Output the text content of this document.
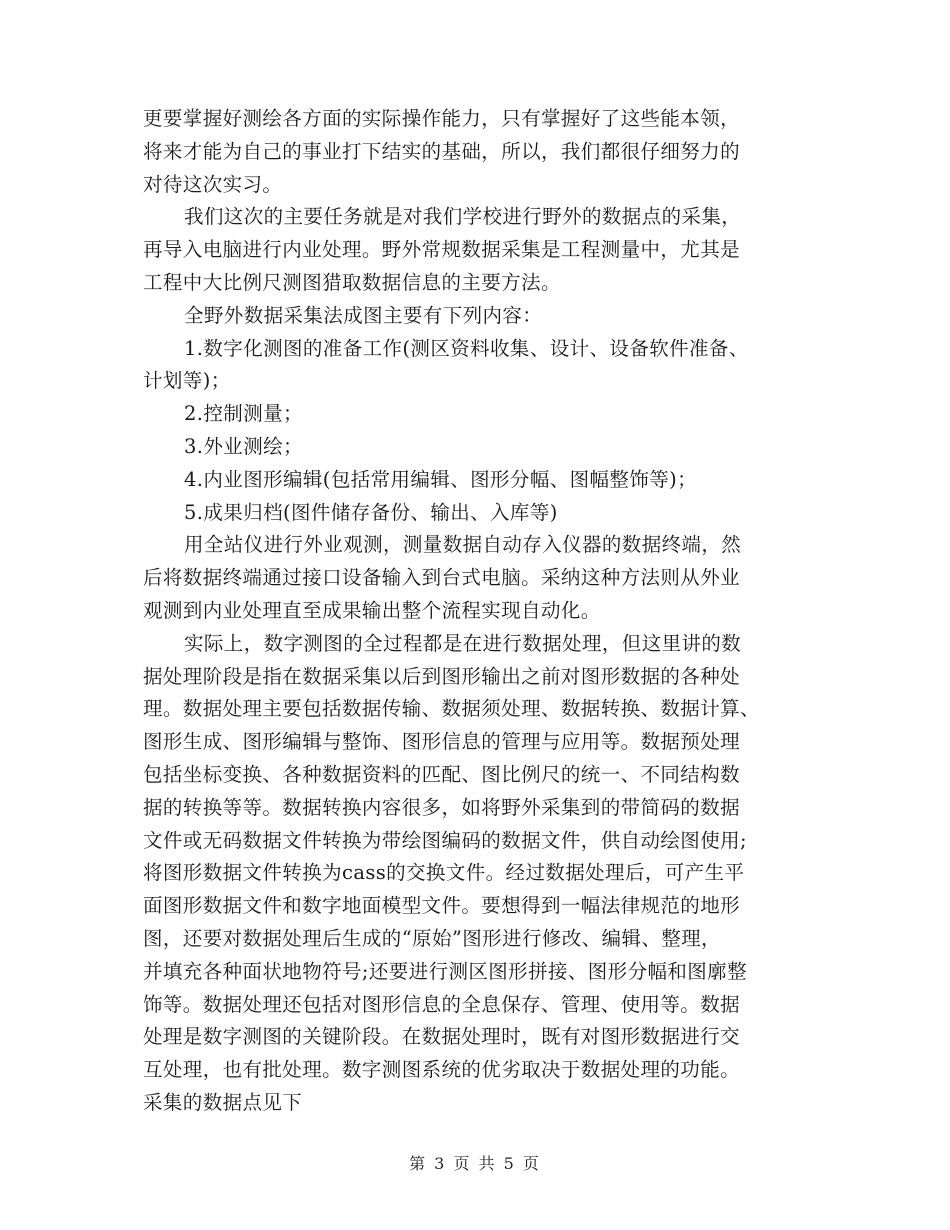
更要掌握好测绘各方面的实际操作能力，只有掌握好了这些能本领，
将来才能为自己的事业打下结实的基础，所以，我们都很仔细努力的
对待这次实习。
我们这次的主要任务就是对我们学校进行野外的数据点的采集，
再导入电脑进行内业处理。野外常规数据采集是工程测量中，尤其是
工程中大比例尺测图猎取数据信息的主要方法。
全野外数据采集法成图主要有下列内容：
1.数字化测图的准备工作(测区资料收集、设计、设备软件准备、
计划等)；
2.控制测量；
3.外业测绘；
4.内业图形编辑(包括常用编辑、图形分幅、图幅整饰等)；
5.成果归档(图件储存备份、输出、入库等)
用全站仪进行外业观测，测量数据自动存入仪器的数据终端，然
后将数据终端通过接口设备输入到台式电脑。采纳这种方法则从外业
观测到内业处理直至成果输出整个流程实现自动化。
实际上，数字测图的全过程都是在进行数据处理，但这里讲的数
据处理阶段是指在数据采集以后到图形输出之前对图形数据的各种处
理。数据处理主要包括数据传输、数据须处理、数据转换、数据计算、
图形生成、图形编辑与整饰、图形信息的管理与应用等。数据预处理
包括坐标变换、各种数据资料的匹配、图比例尺的统一、不同结构数
据的转换等等。数据转换内容很多，如将野外采集到的带简码的数据
文件或无码数据文件转换为带绘图编码的数据文件，供自动绘图使用;
将图形数据文件转换为cass的交换文件。经过数据处理后，可产生平
面图形数据文件和数字地面模型文件。要想得到一幅法律规范的地形
图，还要对数据处理后生成的“原始”图形进行修改、编辑、整理，
并填充各种面状地物符号;还要进行测区图形拼接、图形分幅和图廓整
饰等。数据处理还包括对图形信息的全息保存、管理、使用等。数据
处理是数字测图的关键阶段。在数据处理时，既有对图形数据进行交
互处理，也有批处理。数字测图系统的优劣取决于数据处理的功能。
采集的数据点见下
第 3 页 共 5 页
